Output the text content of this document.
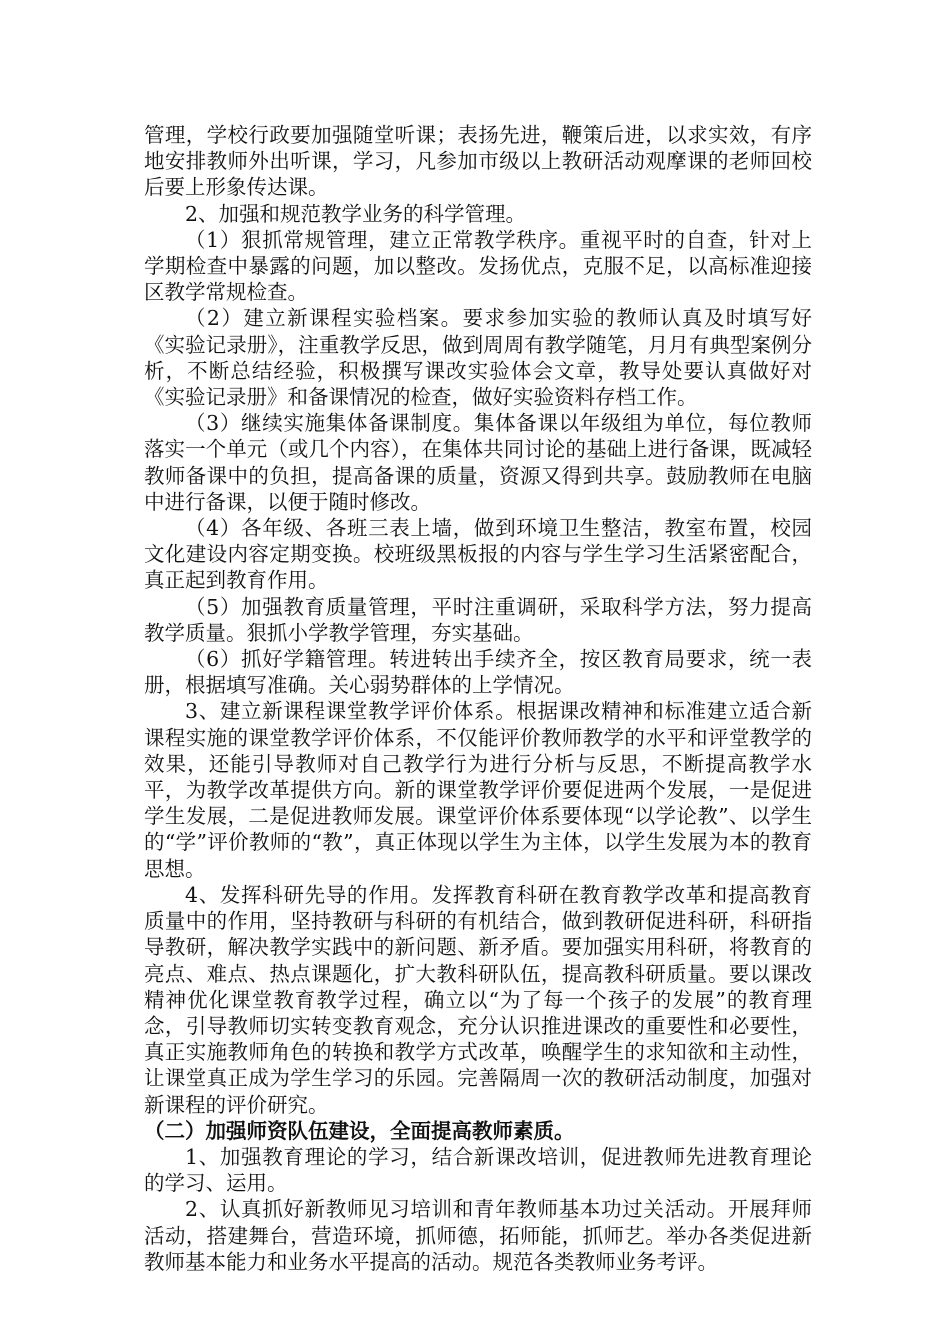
管理，学校行政要加强随堂听课；表扬先进，鞭策后进，以求实效，有序地安排教师外出听课，学习，凡参加市级以上教研活动观摩课的老师回校后要上形象传达课。

2、加强和规范教学业务的科学管理。

（1）狠抓常规管理，建立正常教学秩序。重视平时的自查，针对上学期检查中暴露的问题，加以整改。发扬优点，克服不足，以高标准迎接区教学常规检查。

（2）建立新课程实验档案。要求参加实验的教师认真及时填写好《实验记录册》，注重教学反思，做到周周有教学随笔，月月有典型案例分析，不断总结经验，积极撰写课改实验体会文章，教导处要认真做好对《实验记录册》和备课情况的检查，做好实验资料存档工作。

（3）继续实施集体备课制度。集体备课以年级组为单位，每位教师落实一个单元（或几个内容），在集体共同讨论的基础上进行备课，既减轻教师备课中的负担，提高备课的质量，资源又得到共享。鼓励教师在电脑中进行备课，以便于随时修改。

（4）各年级、各班三表上墙，做到环境卫生整洁，教室布置，校园文化建设内容定期变换。校班级黑板报的内容与学生学习生活紧密配合，真正起到教育作用。

（5）加强教育质量管理，平时注重调研，采取科学方法，努力提高教学质量。狠抓小学教学管理，夯实基础。

（6）抓好学籍管理。转进转出手续齐全，按区教育局要求，统一表册，根据填写准确。关心弱势群体的上学情况。

3、建立新课程课堂教学评价体系。根据课改精神和标准建立适合新课程实施的课堂教学评价体系，不仅能评价教师教学的水平和评堂教学的效果，还能引导教师对自己教学行为进行分析与反思，不断提高教学水平，为教学改革提供方向。新的课堂教学评价要促进两个发展，一是促进学生发展，二是促进教师发展。课堂评价体系要体现“以学论教”、以学生的“学”评价教师的“教”，真正体现以学生为主体，以学生发展为本的教育思想。

4、发挥科研先导的作用。发挥教育科研在教育教学改革和提高教育质量中的作用，坚持教研与科研的有机结合，做到教研促进科研，科研指导教研，解决教学实践中的新问题、新矛盾。要加强实用科研，将教育的亮点、难点、热点课题化，扩大教科研队伍，提高教科研质量。要以课改精神优化课堂教育教学过程，确立以“为了每一个孩子的发展”的教育理念，引导教师切实转变教育观念，充分认识推进课改的重要性和必要性，真正实施教师角色的转换和教学方式改革，唤醒学生的求知欲和主动性，让课堂真正成为学生学习的乐园。完善隔周一次的教研活动制度，加强对新课程的评价研究。

（二）加强师资队伍建设，全面提高教师素质。

1、加强教育理论的学习，结合新课改培训，促进教师先进教育理论的学习、运用。

2、认真抓好新教师见习培训和青年教师基本功过关活动。开展拜师活动，搭建舞台，营造环境，抓师德，拓师能，抓师艺。举办各类促进新教师基本能力和业务水平提高的活动。规范各类教师业务考评。
